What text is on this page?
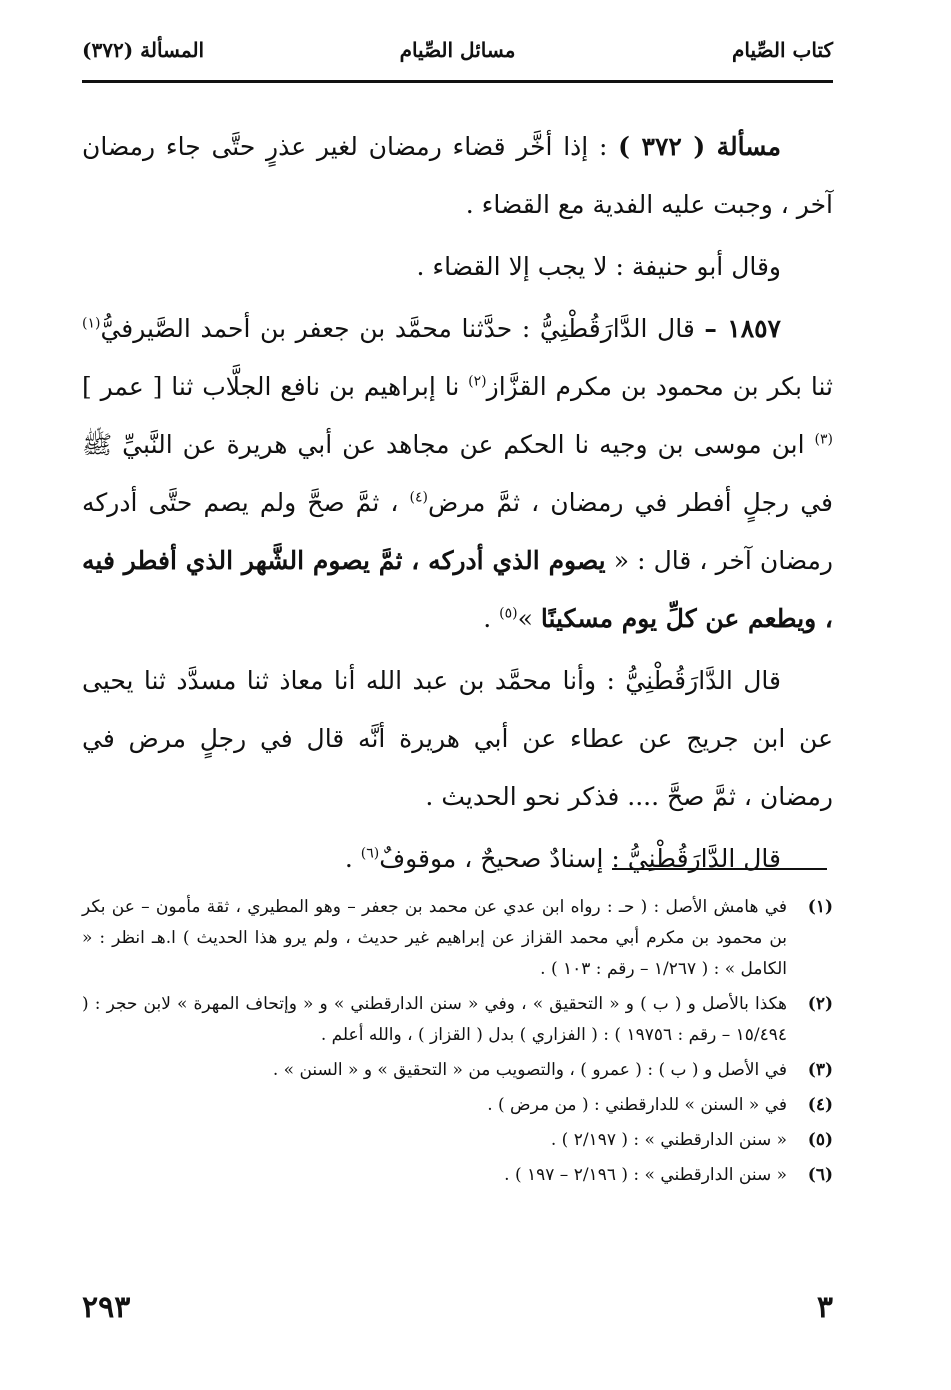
كتاب الصِّيام
مسائل الصِّيام
المسألة (٣٧٢)

مسألة ( ٣٧٢ ) : إذا أخَّر قضاء رمضان لغير عذرٍ حتَّى جاء رمضان آخر ، وجبت عليه الفدية مع القضاء .

وقال أبو حنيفة : لا يجب إلا القضاء .

١٨٥٧ – قال الدَّارَقُطْنِيُّ : حدَّثنا محمَّد بن جعفر بن أحمد الصَّيرفيُّ$^{(١)}$ ثنا بكر بن محمود بن مكرم القزَّاز$^{(٢)}$ نا إبراهيم بن نافع الجلَّاب ثنا [ عمر ]$^{(٣)}$ ابن موسى بن وجيه نا الحكم عن مجاهد عن أبي هريرة عن النَّبيِّ ﷺ في رجلٍ أفطر في رمضان ، ثمَّ مرض$^{(٤)}$ ، ثمَّ صحَّ ولم يصم حتَّى أدركه رمضان آخر ، قال : « يصوم الذي أدركه ، ثمَّ يصوم الشَّهر الذي أفطر فيه ، ويطعم عن كلِّ يوم مسكينًا »$^{(٥)}$ .

قال الدَّارَقُطْنِيُّ : وأنا محمَّد بن عبد الله أنا معاذ ثنا مسدَّد ثنا يحيى عن ابن جريج عن عطاء عن أبي هريرة أنَّه قال في رجلٍ مرض في رمضان ، ثمَّ صحَّ .... فذكر نحو الحديث .

قال الدَّارَقُطْنِيُّ : إسنادٌ صحيحٌ ، موقوفٌ$^{(٦)}$ .

(١)
في هامش الأصل : ( حـ : رواه ابن عدي عن محمد بن جعفر – وهو المطيري ، ثقة مأمون – عن بكر بن محمود بن مكرم أبي محمد القزاز عن إبراهيم غير حديث ، ولم يرو هذا الحديث ) ا.هـ انظر : « الكامل » : ( ١/٢٦٧ – رقم : ١٠٣ ) .
(٢)
هكذا بالأصل و ( ب ) و « التحقيق » ، وفي « سنن الدارقطني » و « وإتحاف المهرة » لابن حجر : ( ١٥/٤٩٤ – رقم : ١٩٧٥٦ ) : ( الفزاري ) بدل ( القزاز ) ، والله أعلم .
(٣)
في الأصل و ( ب ) : ( عمرو ) ، والتصويب من « التحقيق » و « السنن » .
(٤)
في « السنن » للدارقطني : ( من مرض ) .
(٥)
« سنن الدارقطني » : ( ٢/١٩٧ ) .
(٦)
« سنن الدارقطني » : ( ٢/١٩٦ – ١٩٧ ) .
٣
٢٩٣
